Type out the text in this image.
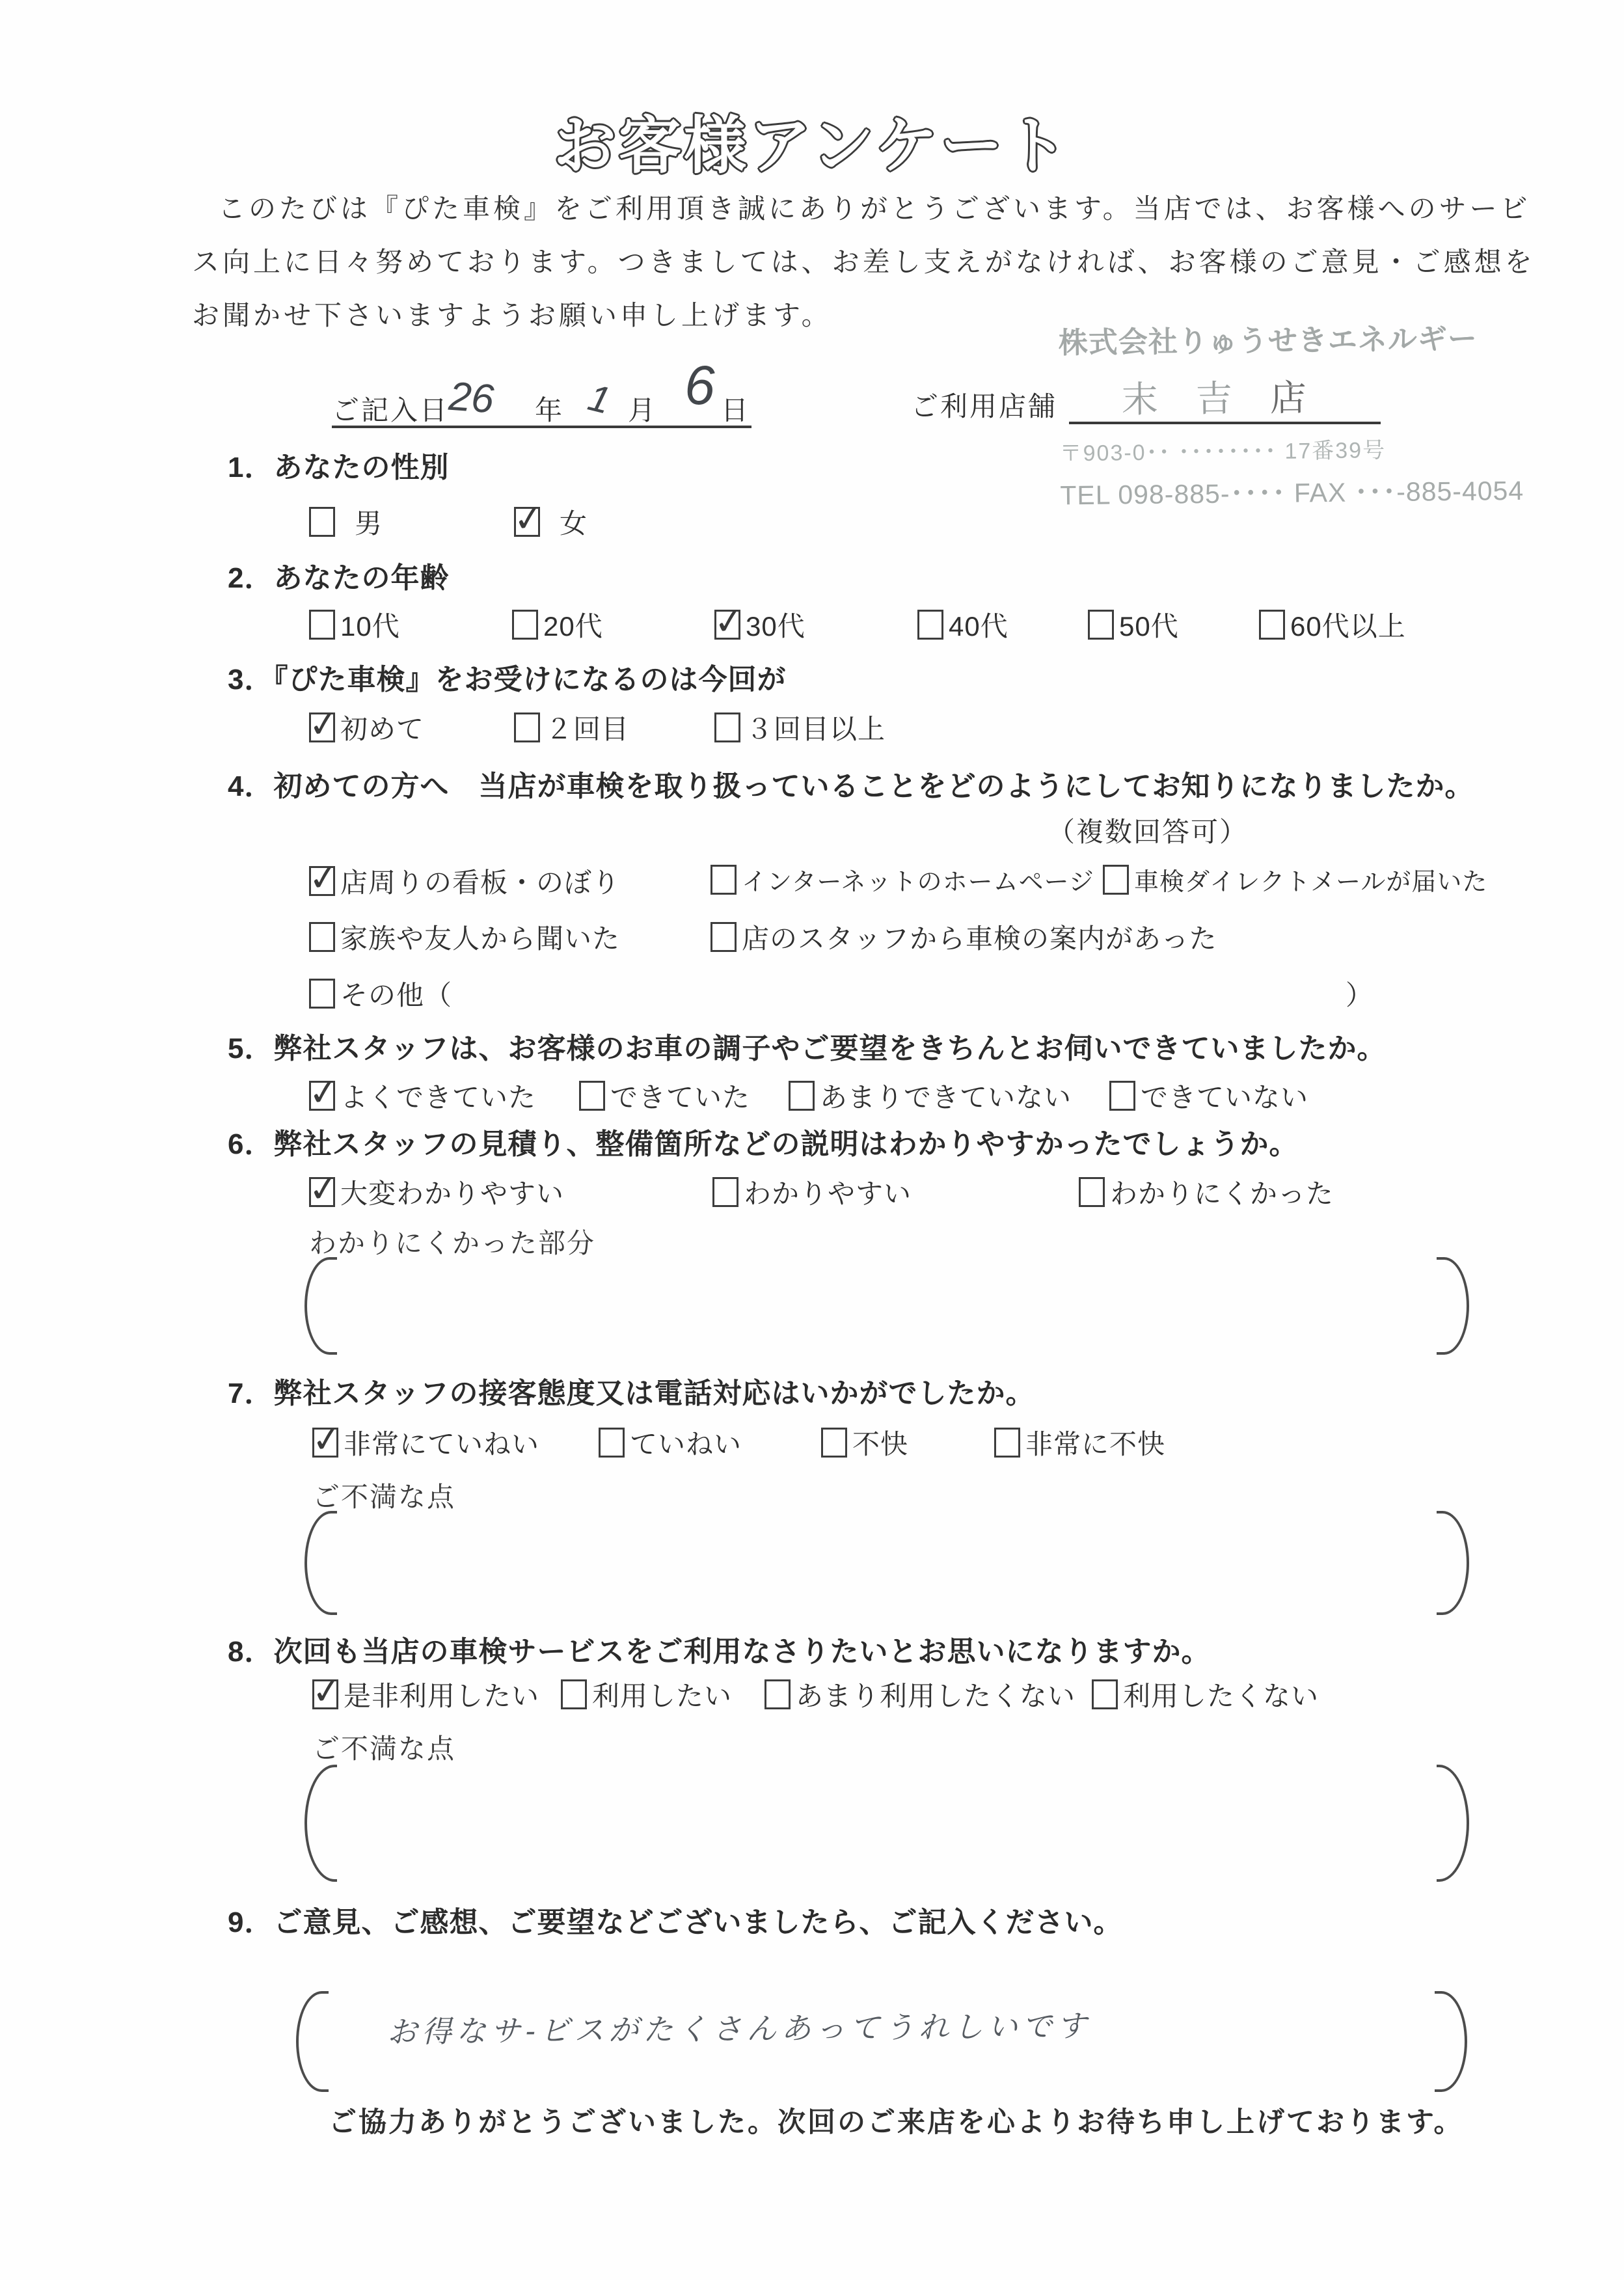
お客様アンケート
このたびは『ぴた車検』をご利用頂き誠にありがとうございます。当店では、お客様へのサービ
ス向上に日々努めております。つきましては、お差し支えがなければ、お客様のご意見・ご感想を
お聞かせ下さいますようお願い申し上げます。
株式会社りゅうせきエネルギー
末吉店
〒903-0･･ ････････ 17番39号
TEL 098-885-････ FAX ･･･-885-4054
ご記入日
26 年 1 月 6 日	ご利用店舗
1．あなたの性別
男 ✓	女
2．あなたの年齢
10代	20代 ✓	30代	40代	50代	60代以上
3．『ぴた車検』をお受けになるのは今回が
✓
初めて	２回目	３回目以上
4．初めての方へ　当店が車検を取り扱っていることをどのようにしてお知りになりましたか。
（複数回答可）
✓
店周りの看板・のぼり	インターネットのホームページ 車検ダイレクトメールが届いた
家族や友人から聞いた	店のスタッフから車検の案内があった
その他（	）
5．弊社スタッフは、お客様のお車の調子やご要望をきちんとお伺いできていましたか。
✓
よくできていた	できていた	あまりできていない	できていない
6．弊社スタッフの見積り、整備箇所などの説明はわかりやすかったでしょうか。
✓
大変わかりやすい	わかりやすい	わかりにくかった
わかりにくかった部分
7．弊社スタッフの接客態度又は電話対応はいかがでしたか。
✓
非常にていねい	ていねい	不快	非常に不快
ご不満な点
8．次回も当店の車検サービスをご利用なさりたいとお思いになりますか。
✓
是非利用したい 利用したい あまり利用したくない 利用したくない
ご不満な点
9．ご意見、ご感想、ご要望などございましたら、ご記入ください。
お得なサ-ビスがたくさんあってうれしいです
ご協力ありがとうございました。次回のご来店を心よりお待ち申し上げております。
